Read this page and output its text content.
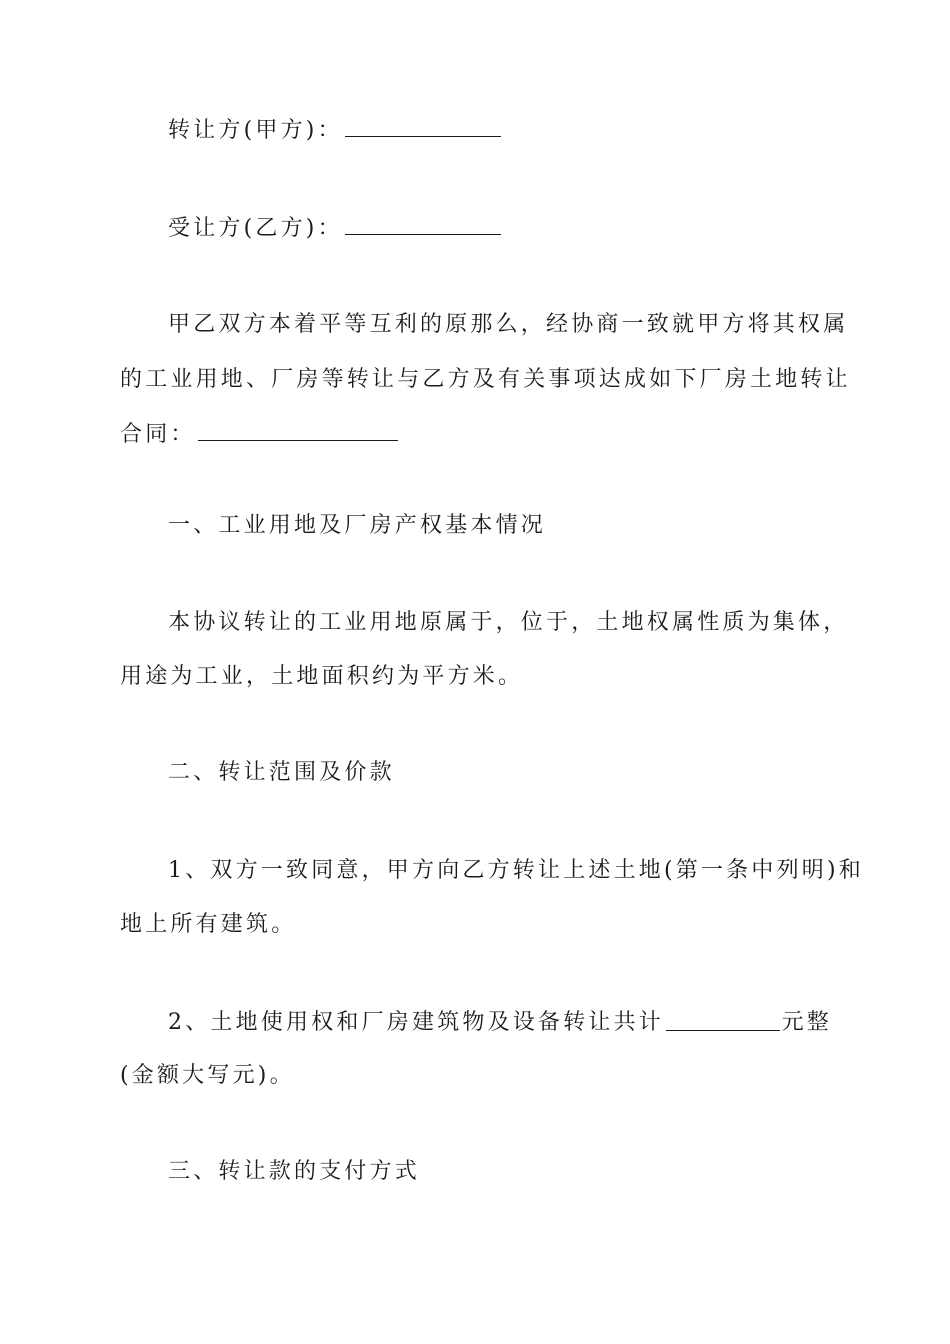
转让方(甲方)：
受让方(乙方)：
甲乙双方本着平等互利的原那么，经协商一致就甲方将其权属
的工业用地、厂房等转让与乙方及有关事项达成如下厂房土地转让
合同：
一、工业用地及厂房产权基本情况
本协议转让的工业用地原属于，位于，土地权属性质为集体，
用途为工业，土地面积约为平方米。
二、转让范围及价款
1、双方一致同意，甲方向乙方转让上述土地(第一条中列明)和
地上所有建筑。
2、土地使用权和厂房建筑物及设备转让共计	元整
(金额大写元)。
三、转让款的支付方式
